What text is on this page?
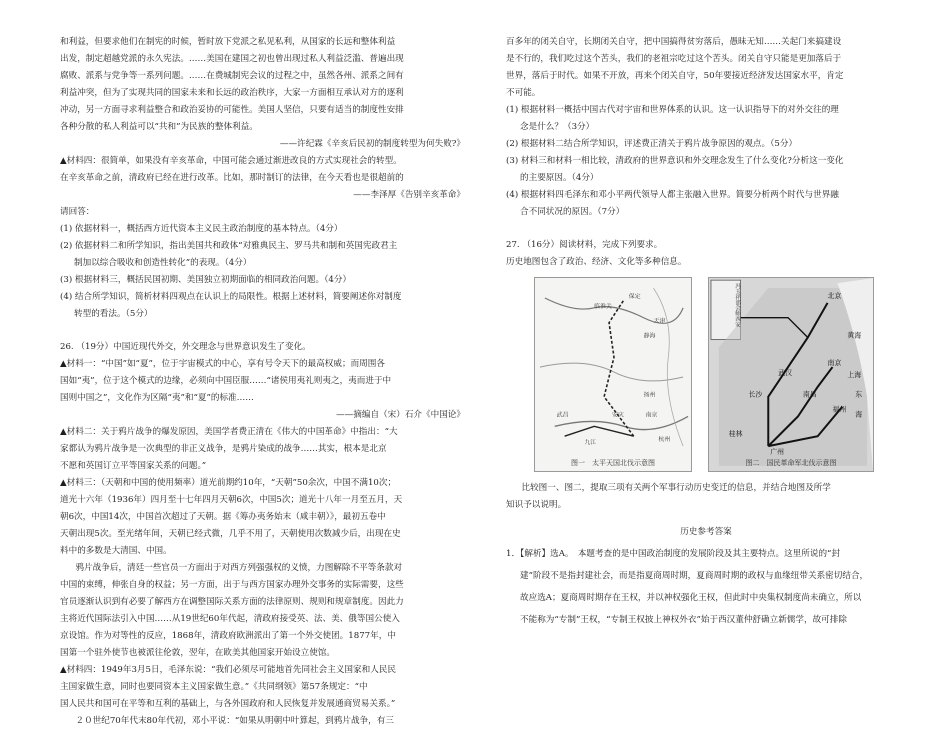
和利益，但要求他们在制宪的时候，暂时放下党派之私见私利，从国家的长远和整体利益

出发，制定超越党派的永久宪法。……美国在建国之初也曾出现过私人利益泛滥、普遍出现

腐败、派系与党争等一系列问题。……在费城制宪会议的过程之中，虽然各州、派系之间有

利益冲突，但为了实现共同的国家未来和长远的政治秩序，大家一方面相互承认对方的逐利

冲动，另一方面寻求利益整合和政治妥协的可能性。美国人坚信，只要有适当的制度性安排

各种分散的私人利益可以“共和”为民族的整体利益。

——许纪霖《辛亥后民初的制度转型为何失败?》

▲材料四：很简单，如果没有辛亥革命，中国可能会通过渐进改良的方式实现社会的转型。

在辛亥革命之前，清政府已经在进行改革。比如，那时制订的法律，在今天看也是很超前的

——李泽厚《告别辛亥革命》

请回答：

(1) 依据材料一，概括西方近代资本主义民主政治制度的基本特点。（4分）

(2) 依据材料二和所学知识，指出美国共和政体“对雅典民主、罗马共和制和英国宪政君主

制加以综合吸收和创造性转化”的表现。（4分）

(3) 根据材料三，概括民国初期、美国独立初期面临的相同政治问题。（4分）

(4) 结合所学知识，简析材料四观点在认识上的局限性。根据上述材料，简要阐述你对制度

转型的看法。（5分）

26. （19分）中国近现代外交，外交理念与世界意识发生了变化。

▲材料一：“中国”如“夏”，位于宇宙模式的中心，享有号令天下的最高权威；而周围各

国如“夷”，位于这个模式的边缘，必须向中国臣服……“诸侯用夷礼则夷之，夷而进于中

国则中国之”，文化作为区隔“夷”和“夏”的标准……

——摘编自（宋）石介《中国论》

▲材料二：关于鸦片战争的爆发原因，美国学者费正清在《伟大的中国革命》中指出：“大

家都认为鸦片战争是一次典型的非正义战争，是鸦片染成的战争……其实，根本是北京

不愿和英国订立平等国家关系的问题。”

▲材料三：（天朝和中国的使用频率）道光前期约10年，“天朝”50余次，中国不满10次；

道光十六年（1936年）四月至十七年四月天朝6次，中国5次；道光十八年一月至五月，天

朝6次，中国14次，中国首次超过了天朝。据《筹办夷务始末（咸丰朝）》，最初五卷中

天朝出现5次。至光绪年间，天朝已经式微，几乎不用了，天朝使用次数减少后，出现在史

料中的多数是大清国、中国。

鸦片战争后，清廷一些官员一方面出于对西方列强强权的义愤，力图解除不平等条款对

中国的束缚，伸张自身的权益；另一方面，出于与西方国家办理外交事务的实际需要，这些

官员逐渐认识到有必要了解西方在调整国际关系方面的法律原则、规则和规章制度。因此力

主将近代国际法引入中国……从19世纪60年代起，清政府接受英、法、美、俄等国公使入

京设馆。作为对等性的反应，1868年，清政府欧洲派出了第一个外交使团。1877年，中

国第一个驻外使节也被派往伦敦，翌年，在欧美其他国家开始设立使馆。

▲材料四：1949年3月5日，毛泽东说：“我们必须尽可能地首先同社会主义国家和人民民

主国家做生意，同时也要同资本主义国家做生意。”《共同纲领》第57条规定：“中

国人民共和国可在平等和互利的基础上，与各外国政府和人民恢复并发展通商贸易关系。”

２０世纪70年代末80年代初，邓小平说：“如果从明朝中叶算起，到鸦片战争，有三

百多年的闭关自守，长期闭关自守，把中国搞得贫穷落后，愚昧无知……关起门来搞建设

是不行的，我们吃过这个苦头，我们的老祖宗吃过这个苦头。闭关自守只能是更加落后于

世界，落后于时代。如果不开放，再来个闭关自守，50年要接近经济发达国家水平，肯定

不可能。

(1) 根据材料一概括中国古代对宇宙和世界体系的认识。这一认识指导下的对外交往的理

念是什么？（3分）

(2) 根据材料二结合所学知识，评述费正清关于鸦片战争原因的观点。（5分）

(3) 材料三和材料一相比较，清政府的世界意识和外交理念发生了什么变化?分析这一变化

的主要原因。（4分）

(4) 根据材料四毛泽东和邓小平两代领导人都主张融入世界。简要分析两个时代与世界融

合不同状况的原因。（7分）

27. （16分）阅读材料，完成下列要求。

历史地图包含了政治、经济、文化等多种信息。

保定
临淮关
天津
静海
扬州
武昌
九江
安庆
杭州
南京
图一　太平天国北伐示意图
北京
黄海
南京
上海
武汉
长沙	南昌
福州
桂林
东
海
广州
冯玉祥部会师西安
图二　国民革命军北伐示意图

比较图一、图二，提取三项有关两个军事行动历史变迁的信息，并结合地图及所学

知识予以说明。

历史参考答案

1．【解析】选A。　本题考查的是中国政治制度的发展阶段及其主要特点。这里所说的“封

建”阶段不是指封建社会，而是指夏商周时期，夏商周时期的政权与血缘纽带关系密切结合，

故应选A；夏商周时期存在王权，并以神权强化王权，但此时中央集权制度尚未确立，所以

不能称为“专制”王权，“专制王权披上神权外衣”始于西汉董仲舒确立新儒学，故可排除
